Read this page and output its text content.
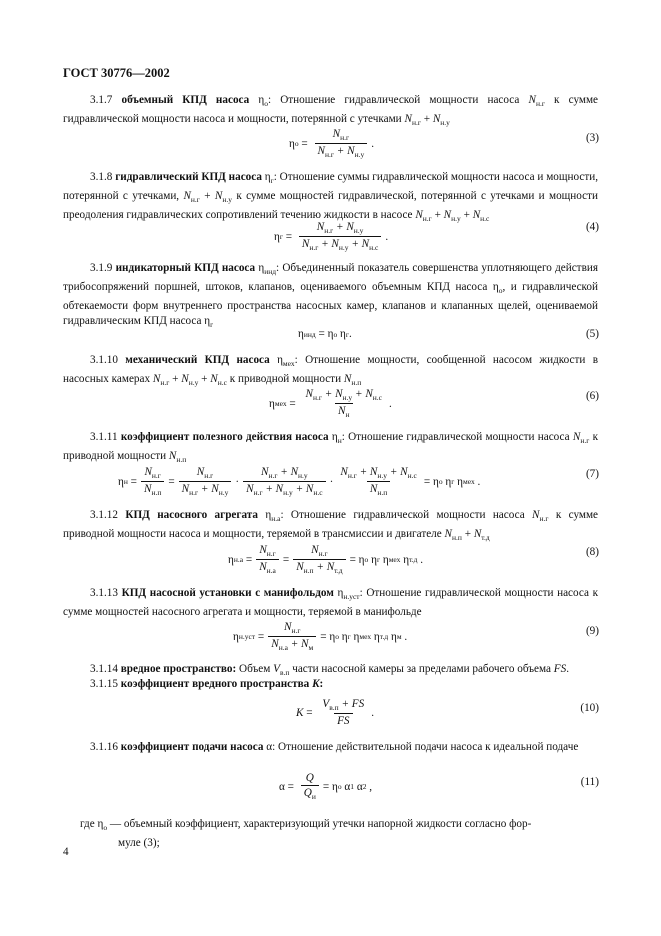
ГОСТ 30776—2002
3.1.7 объемный КПД насоса $\eta_о$: Отношение гидравлической мощности насоса $N_{н.г}$ к сумме гидравлической мощности насоса и мощности, потерянной с утечками $N_{н.г} + N_{н.у}$
η $о = \frac{N_{н.г}}{N_{н.г} + N_{н.у}}$ .	(3)
3.1.8 гидравлический КПД насоса $\eta_г$: Отношение суммы гидравлической мощности насоса и мощности, потерянной с утечками, $N_{н.г} + N_{н.у}$ к сумме мощностей гидравлической, потерянной с утечками и мощности преодоления гидравлических сопротивлений течению жидкости в насосе $N_{н.г} + N_{н.у} + N_{н.с}$
η $г = \frac{N_{н.г} + N_{н.у}}{N_{н.г} + N_{н.у} + N_{н.с}}$ .
(4)
3.1.9 индикаторный КПД насоса $\eta_{инд}$: Объединенный показатель совершенства уплотняющего действия трибосопряжений поршней, штоков, клапанов, оцениваемого объемным КПД насоса $\eta_о$, и гидравлической обтекаемости форм внутреннего пространства насосных камер, клапанов и клапанных щелей, оцениваемой гидравлическим КПД насоса $\eta_г$
η инд = η о η г .	(5)
3.1.10 механический КПД насоса $\eta_{мех}$: Отношение мощности, сообщенной насосом жидкости в насосных камерах $N_{н.г} + N_{н.у} + N_{н.с}$ к приводной мощности $N_{н.п}$
η мех = $\frac{N_{н.г} + N_{н.у} + N_{н.с}}{N_н}$ .
(6)
3.1.11 коэффициент полезного действия насоса $\eta_н$: Отношение гидравлической мощности насоса $N_{н.г}$ к приводной мощности $N_{н.п}$
η $н = \frac{N_{н.г}}{N_{н.п}} = \frac{N_{н.г}}{N_{н.г} + N_{н.у}} \cdot \frac{N_{н.г} + N_{н.у}}{N_{н.г} + N_{н.у} + N_{н.с}} \cdot \frac{N_{н.г} + N_{н.у} + N_{н.с}}{N_{н.п}} = \eta$ о η г η мех .
(7)
3.1.12 КПД насосного агрегата $\eta_{н.а}$: Отношение гидравлической мощности насоса $N_{н.г}$ к сумме приводной мощности насоса и мощности, теряемой в трансмиссии и двигателе $N_{н.п} + N_{т.д}$
η $н.а = \frac{N_{н.г}}{N_{н.а}} = \frac{N_{н.г}}{N_{н.п} + N_{т.д}} = \eta$ о η г η мех η т.д .
(8)
3.1.13 КПД насосной установки с манифольдом $\eta_{н.уст}$: Отношение гидравлической мощности насоса к сумме мощностей насосного агрегата и мощности, теряемой в манифольде
η $н.уст = \frac{N_{н.г}}{N_{н.а} + N_м} = \eta$ о η г η мех η т.д η м .	(9)
3.1.14 вредное пространство: Объем $V_{в.п}$ части насосной камеры за пределами рабочего объема FS.
3.1.15 коэффициент вредного пространства K:
$K = \frac{V_{в.п} + FS}{FS}$ .	(10)
3.1.16 коэффициент подачи насоса α: Отношение действительной подачи насоса к идеальной подаче
$\alpha = \frac{Q}{Q_и} = \eta$ о α 1 α 2 ,	(11)
где $\eta_о$ — объемный коэффициент, характеризующий утечки напорной жидкости согласно фор-
муле (3);
4
